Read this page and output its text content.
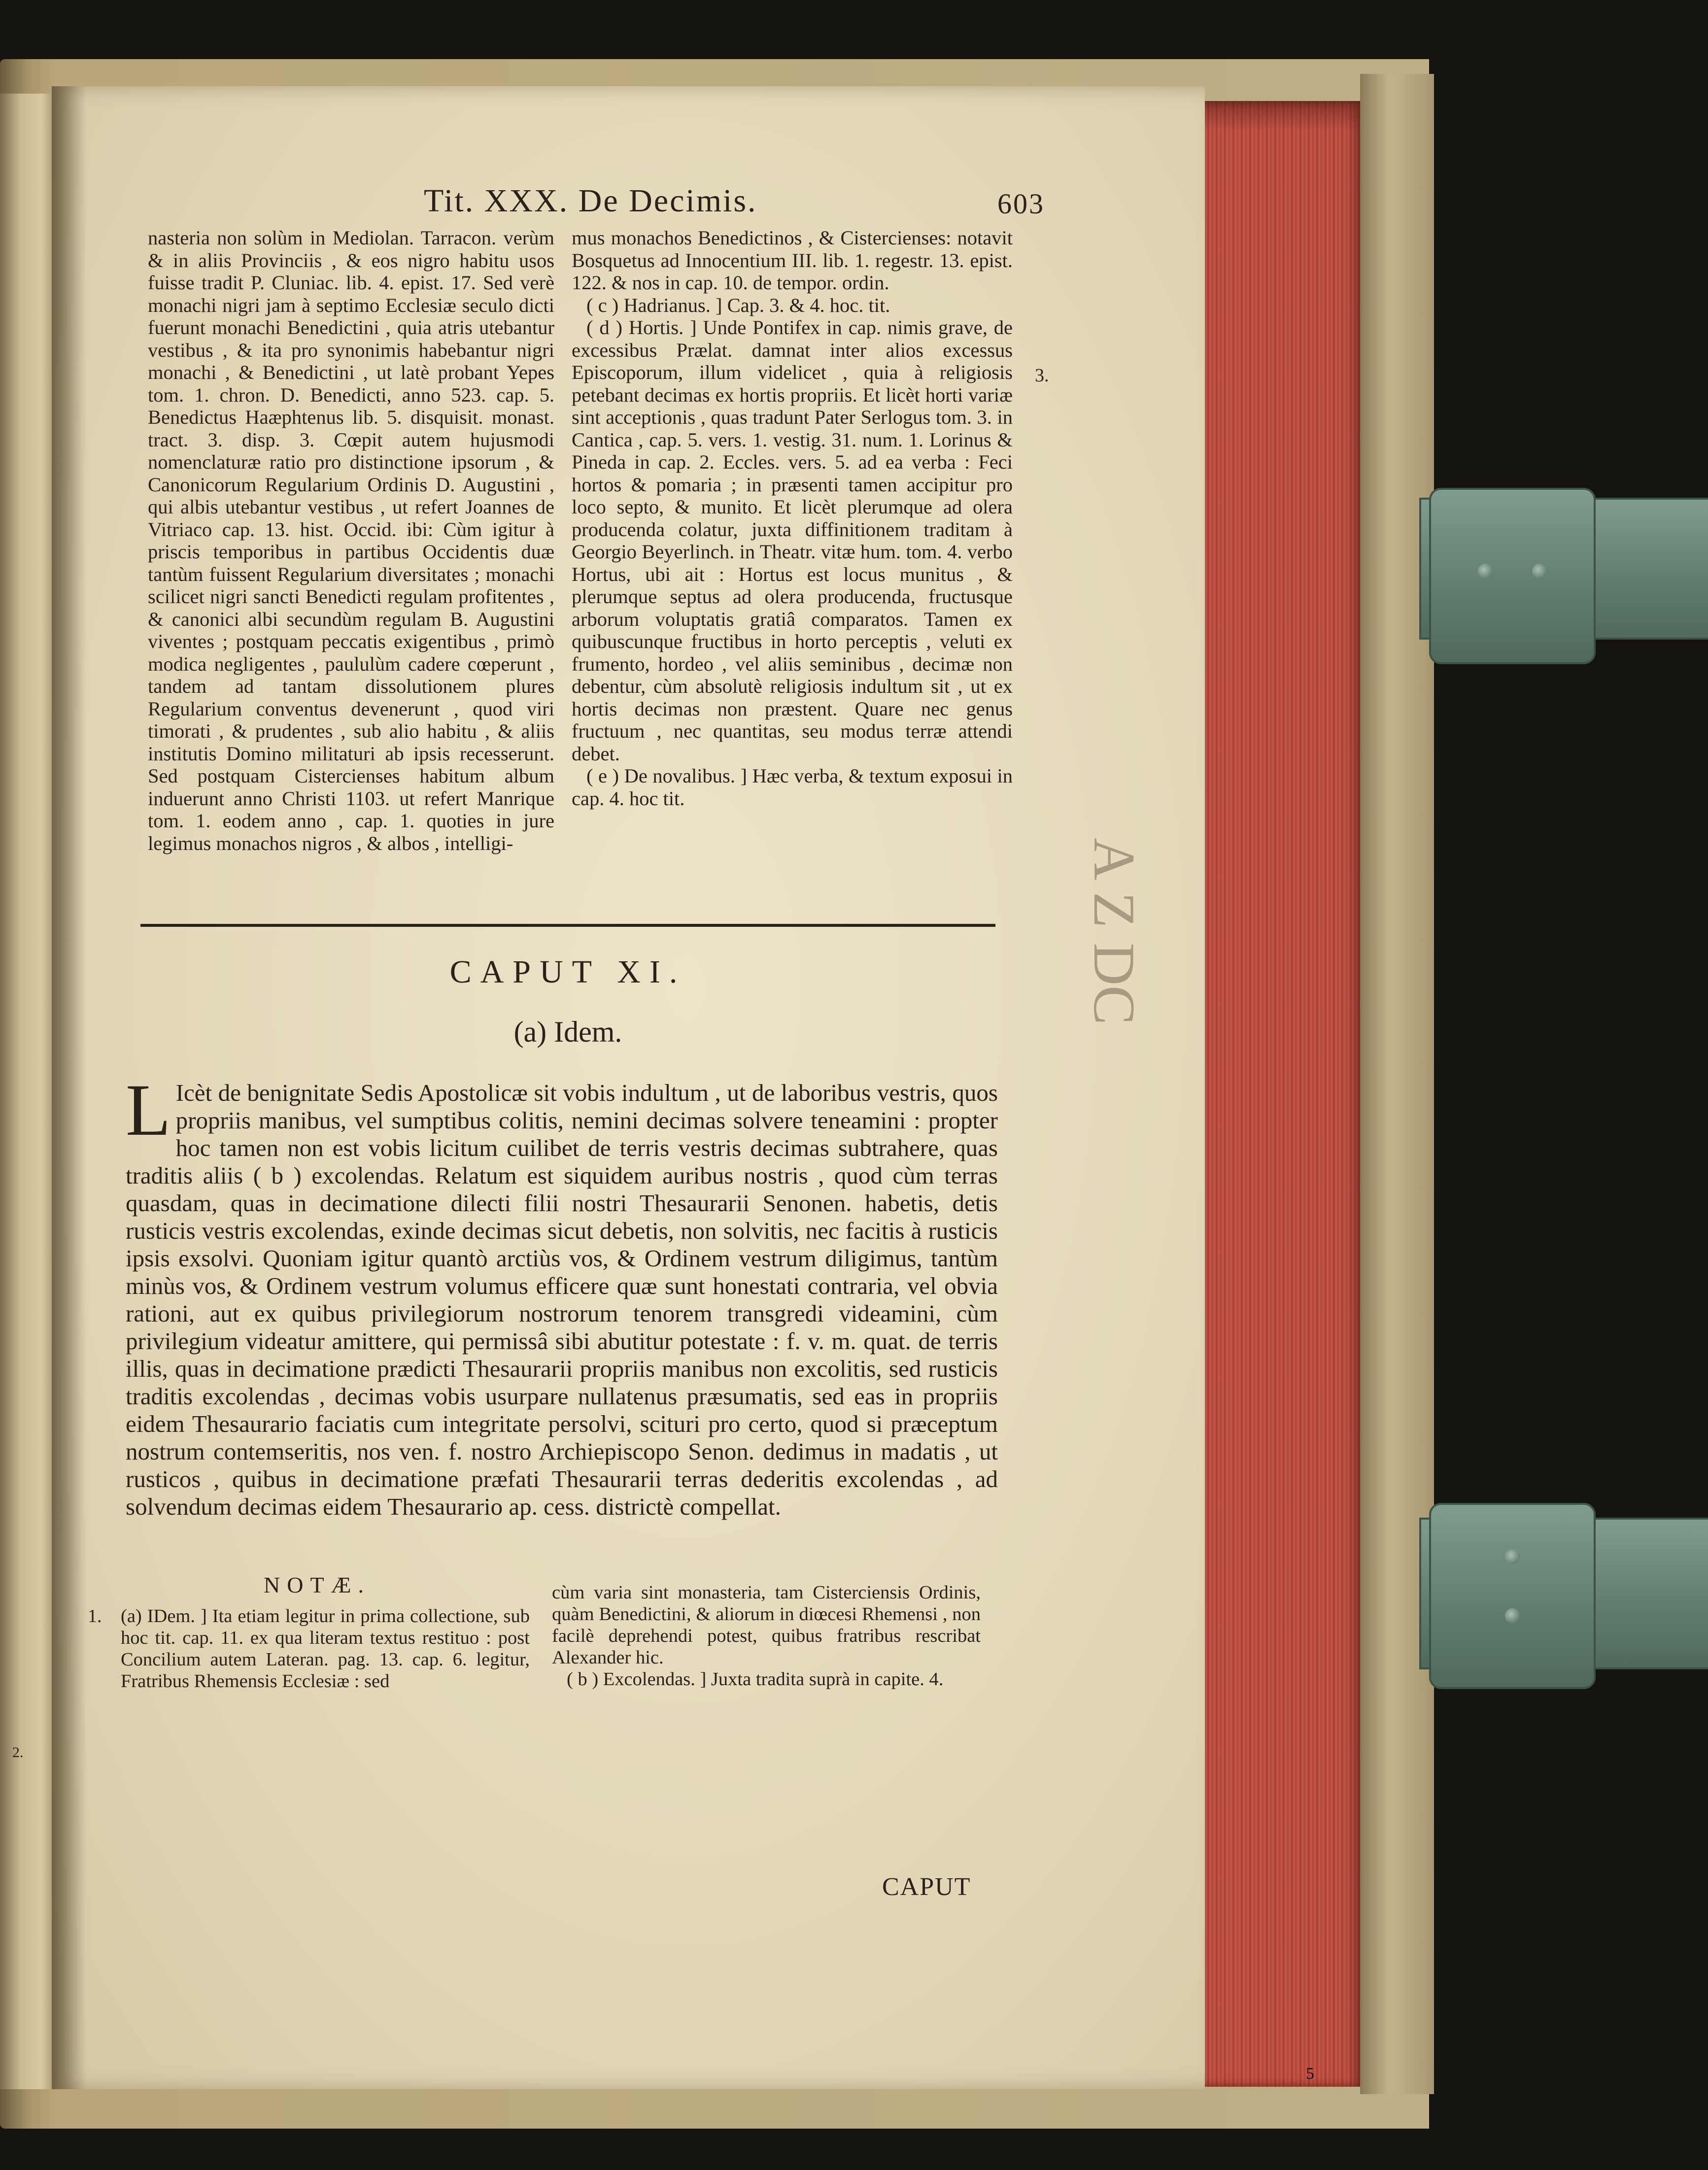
Tit. XXX. De Decimis.	603

nasteria non solùm in Mediolan. Tarracon. verùm & in aliis Provinciis , & eos nigro habitu usos fuisse tradit P. Cluniac. lib. 4. epist. 17. Sed verè monachi nigri jam à septimo Ecclesiæ seculo dicti fuerunt monachi Benedictini , quia atris utebantur vestibus , & ita pro synonimis habebantur nigri monachi , & Benedictini , ut latè probant Yepes tom. 1. chron. D. Benedicti, anno 523. cap. 5. Benedictus Haæphtenus lib. 5. disquisit. monast. tract. 3. disp. 3. Cœpit autem hujusmodi nomenclaturæ ratio pro distinctione ipsorum , & Canonicorum Regularium Ordinis D. Augustini , qui albis utebantur vestibus , ut refert Joannes de Vitriaco cap. 13. hist. Occid. ibi: Cùm igitur à priscis temporibus in partibus Occidentis duæ tantùm fuissent Regularium diversitates ; monachi scilicet nigri sancti Benedicti regulam profitentes , & canonici albi secundùm regulam B. Augustini viventes ; postquam peccatis exigentibus , primò modica negligentes , paululùm cadere cœperunt , tandem ad tantam dissolutionem plures Regularium conventus devenerunt , quod viri timorati , & prudentes , sub alio habitu , & aliis institutis Domino militaturi ab ipsis recesserunt. Sed postquam Cistercienses habitum album induerunt anno Christi 1103. ut refert Manrique tom. 1. eodem anno , cap. 1. quoties in jure legimus monachos nigros , & albos , intelligi-

mus monachos Benedictinos , & Cistercienses: notavit Bosquetus ad Innocentium III. lib. 1. regestr. 13. epist. 122. & nos in cap. 10. de tempor. ordin.

( c ) Hadrianus. ] Cap. 3. & 4. hoc. tit.

( d ) Hortis. ] Unde Pontifex in cap. nimis grave, de excessibus Prælat. damnat inter alios excessus Episcoporum, illum videlicet , quia à religiosis petebant decimas ex hortis propriis. Et licèt horti variæ sint acceptionis , quas tradunt Pater Serlogus tom. 3. in Cantica , cap. 5. vers. 1. vestig. 31. num. 1. Lorinus & Pineda in cap. 2. Eccles. vers. 5. ad ea verba : Feci hortos & pomaria ; in præsenti tamen accipitur pro loco septo, & munito. Et licèt plerumque ad olera producenda colatur, juxta diffinitionem traditam à Georgio Beyerlinch. in Theatr. vitæ hum. tom. 4. verbo Hortus, ubi ait : Hortus est locus munitus , & plerumque septus ad olera producenda, fructusque arborum voluptatis gratiâ comparatos. Tamen ex quibuscunque fructibus in horto perceptis , veluti ex frumento, hordeo , vel aliis seminibus , decimæ non debentur, cùm absolutè religiosis indultum sit , ut ex hortis decimas non præstent. Quare nec genus fructuum , nec quantitas, seu modus terræ attendi debet.

( e ) De novalibus. ] Hæc verba, & textum exposui in cap. 4. hoc tit.

3.
CAPUT XI.
(a) Idem.
L Icèt de benignitate Sedis Apostolicæ sit vobis indultum , ut de laboribus vestris, quos propriis manibus, vel sumptibus colitis, nemini decimas solvere teneamini : propter hoc tamen non est vobis licitum cuilibet de terris vestris decimas subtrahere, quas traditis aliis ( b ) excolendas. Relatum est siquidem auribus nostris , quod cùm terras quasdam, quas in decimatione dilecti filii nostri Thesaurarii Senonen. habetis, detis rusticis vestris excolendas, exinde decimas sicut debetis, non solvitis, nec facitis à rusticis ipsis exsolvi. Quoniam igitur quantò arctiùs vos, & Ordinem vestrum diligimus, tantùm minùs vos, & Ordinem vestrum volumus efficere quæ sunt honestati contraria, vel obvia rationi, aut ex quibus privilegiorum nostrorum tenorem transgredi videamini, cùm privilegium videatur amittere, qui permissâ sibi abutitur potestate : f. v. m. quat. de terris illis, quas in decimatione prædicti Thesaurarii propriis manibus non excolitis, sed rusticis traditis excolendas , decimas vobis usurpare nullatenus præsumatis, sed eas in propriis eidem Thesaurario faciatis cum integritate persolvi, scituri pro certo, quod si præceptum nostrum contemseritis, nos ven. f. nostro Archiepiscopo Senon. dedimus in madatis , ut rusticos , quibus in decimatione præfati Thesaurarii terras dederitis excolendas , ad solvendum decimas eidem Thesaurario ap. cess. districtè compellat.
NOTÆ.
1. (a) IDem. ] Ita etiam legitur in prima collectione, sub hoc tit. cap. 11. ex qua literam textus restituo : post Concilium autem Lateran. pag. 13. cap. 6. legitur, Fratribus Rhemensis Ecclesiæ : sed

cùm varia sint monasteria, tam Cisterciensis Ordinis, quàm Benedictini, & aliorum in diœcesi Rhemensi , non facilè deprehendi potest, quibus fratribus rescribat Alexander hic.

( b ) Excolendas. ] Juxta tradita suprà in capite. 4.

2.
CAPUT
5
